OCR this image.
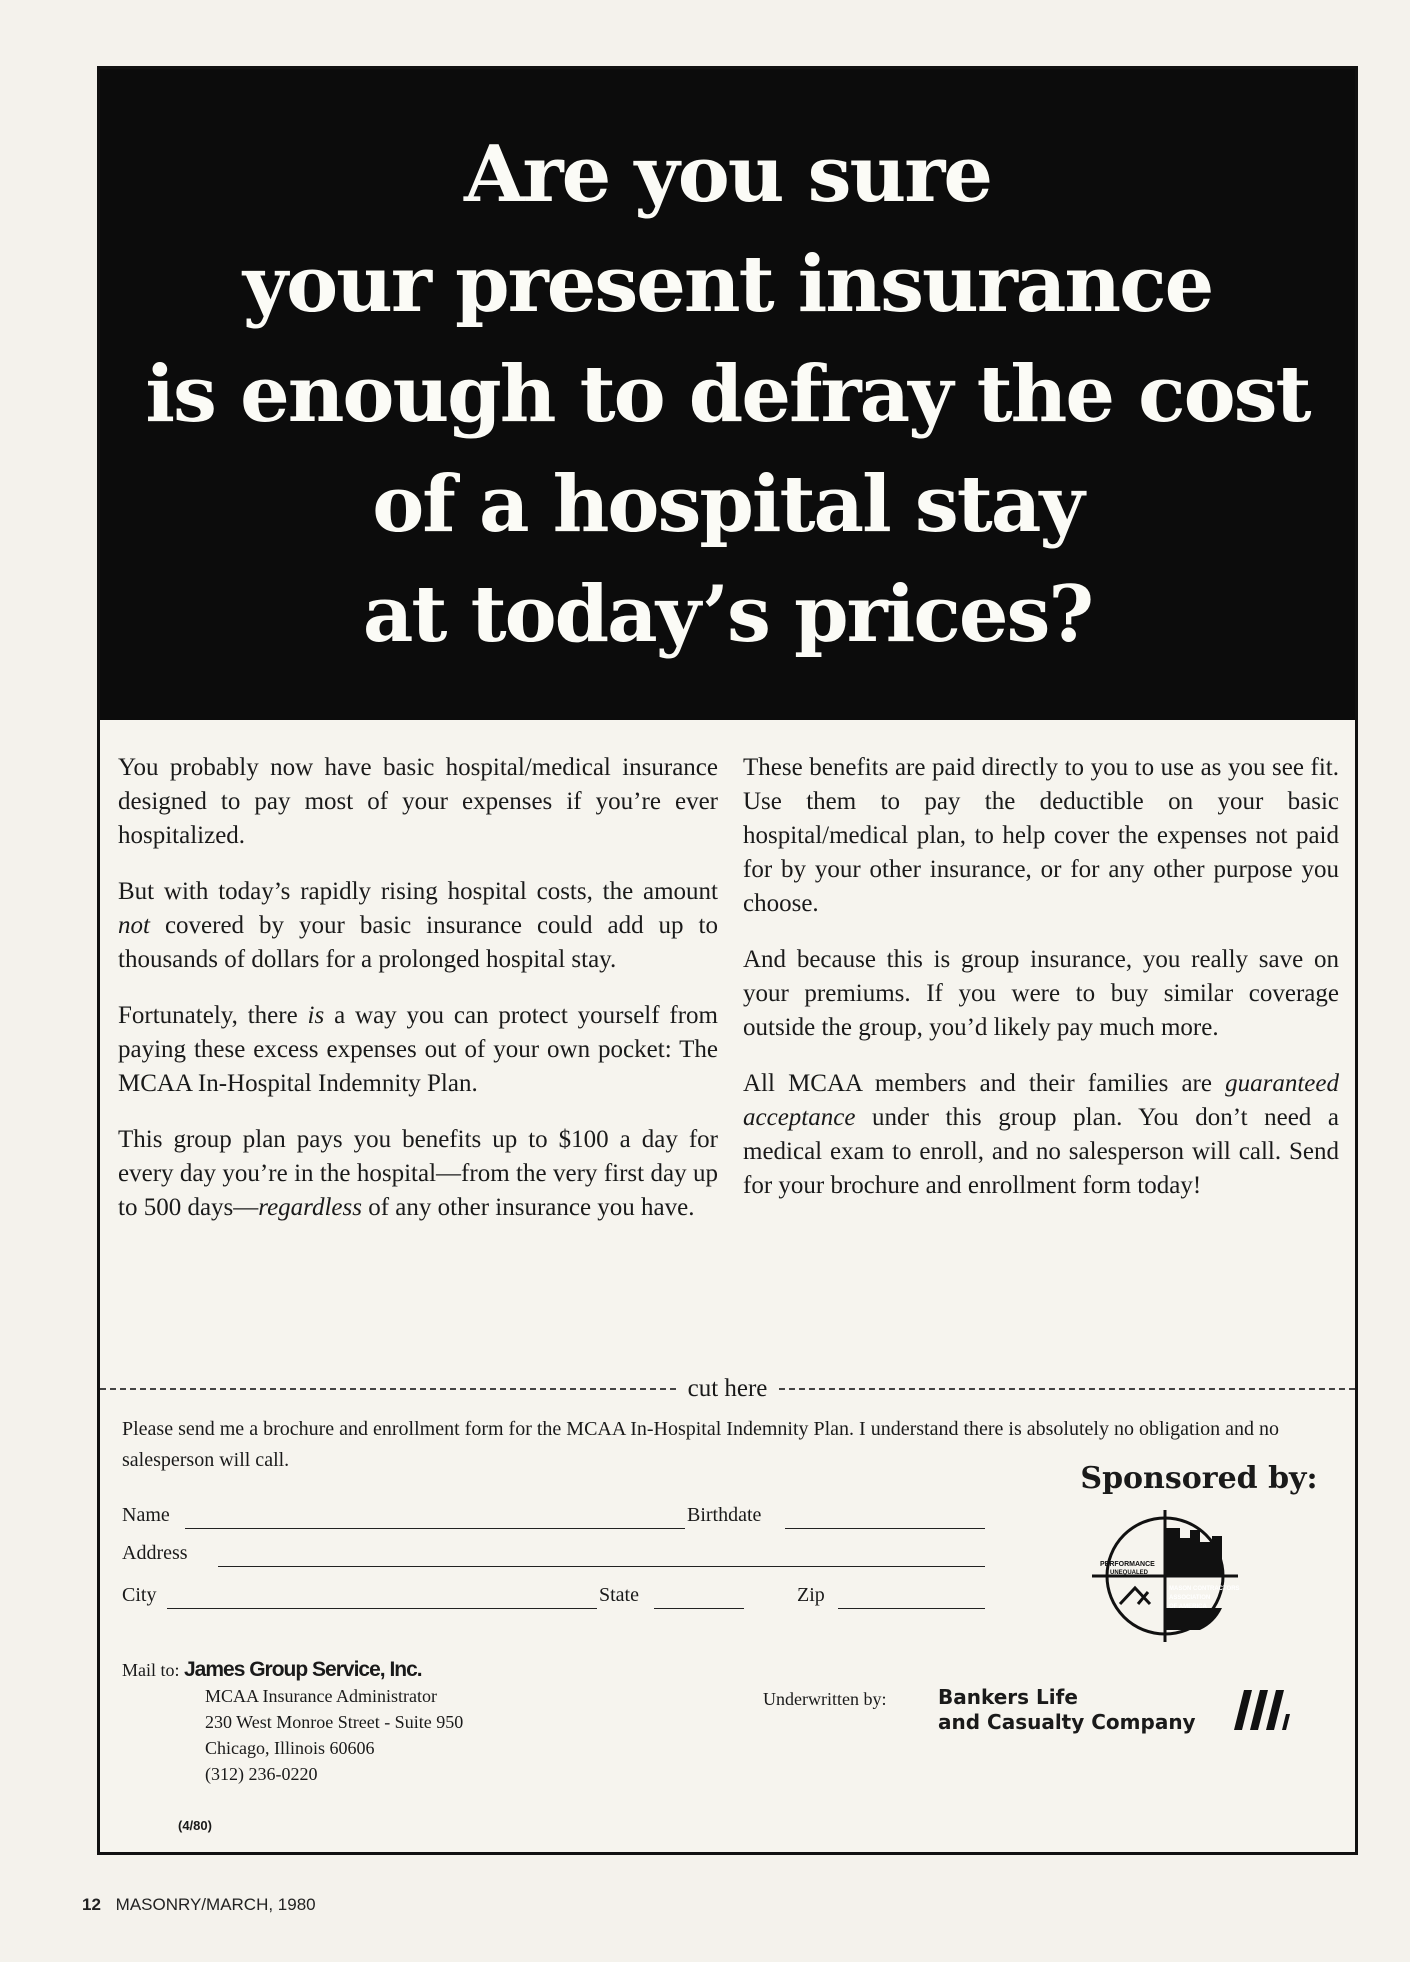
Are you sure
your present insurance
is enough to defray the cost
of a hospital stay
at today’s prices?

You probably now have basic hospital/medical insurance designed to pay most of your expenses if you’re ever hospitalized.

But with today’s rapidly rising hospital costs, the amount not covered by your basic insurance could add up to thousands of dollars for a prolonged hospital stay.

Fortunately, there is a way you can protect yourself from paying these excess expenses out of your own pocket: The MCAA In-Hospital Indemnity Plan.

This group plan pays you benefits up to $100 a day for every day you’re in the hospital—from the very first day up to 500 days—regardless of any other insurance you have.

These benefits are paid directly to you to use as you see fit. Use them to pay the deductible on your basic hospital/medical plan, to help cover the expenses not paid for by your other insurance, or for any other purpose you choose.

And because this is group insurance, you really save on your premiums. If you were to buy similar coverage outside the group, you’d likely pay much more.

All MCAA members and their families are guaranteed acceptance under this group plan. You don’t need a medical exam to enroll, and no salesperson will call. Send for your brochure and enrollment form today!

cut here
Please send me a brochure and enrollment form for the MCAA In-Hospital Indemnity Plan. I understand there is absolutely no obligation and no salesperson will call.
Name	Birthdate
Address
City	State	Zip
Sponsored by:
PERFORMANCE
UNEQUALED
MASON CONTRACTORS
ASSOCIATION
OF AMERICA
Mail to: James Group Service, Inc.
MCAA Insurance Administrator
230 West Monroe Street - Suite 950
Chicago, Illinois 60606
(312) 236-0220
(4/80)
Underwritten by:	Bankers Life
and Casualty Company
12 MASONRY/MARCH, 1980
